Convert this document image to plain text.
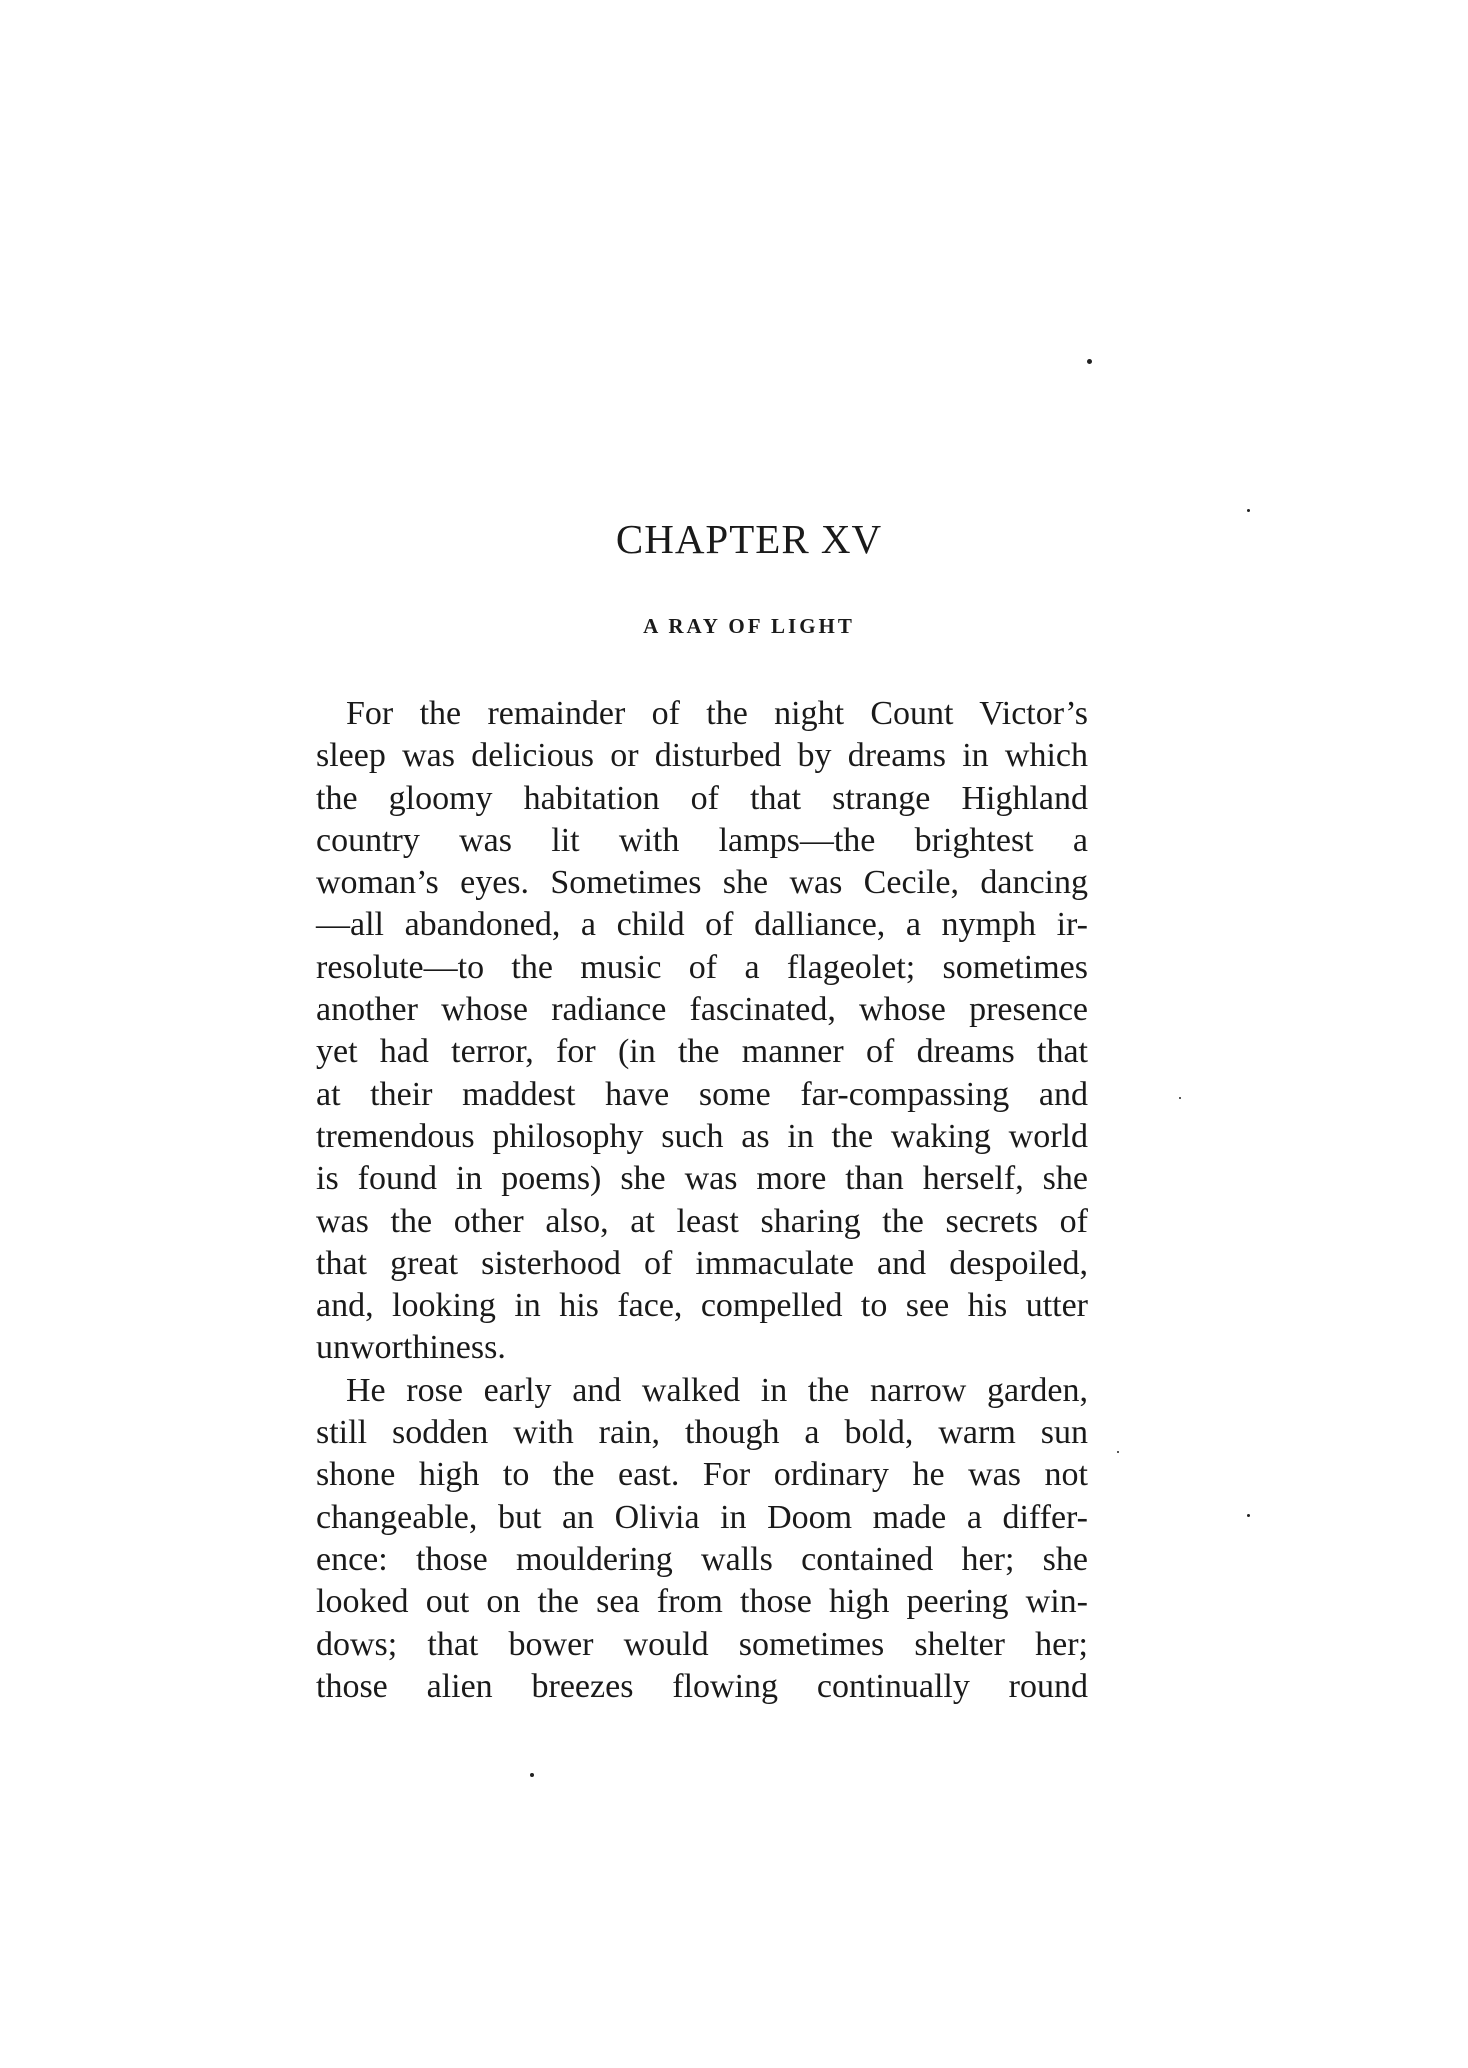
CHAPTER XV
A RAY OF LIGHT
For the remainder of the night Count Victor’s
sleep was delicious or disturbed by dreams in which
the gloomy habitation of that strange Highland
country was lit with lamps—the brightest a
woman’s eyes. Sometimes she was Cecile, dancing
—all abandoned, a child of dalliance, a nymph ir-
resolute—to the music of a flageolet; sometimes
another whose radiance fascinated, whose presence
yet had terror, for (in the manner of dreams that
at their maddest have some far-compassing and
tremendous philosophy such as in the waking world
is found in poems) she was more than herself, she
was the other also, at least sharing the secrets of
that great sisterhood of immaculate and despoiled,
and, looking in his face, compelled to see his utter
unworthiness.
He rose early and walked in the narrow garden,
still sodden with rain, though a bold, warm sun
shone high to the east. For ordinary he was not
changeable, but an Olivia in Doom made a differ-
ence: those mouldering walls contained her; she
looked out on the sea from those high peering win-
dows; that bower would sometimes shelter her;
those alien breezes flowing continually round
